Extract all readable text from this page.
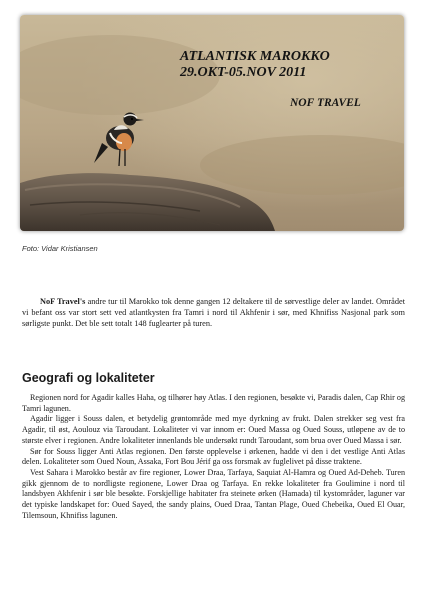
ATLANTISK MAROKKO
29.OKT-05.NOV 2011
NOF TRAVEL
Foto: Vidar Kristiansen

NoF Travel's andre tur til Marokko tok denne gangen 12 deltakere til de sørvestlige deler av landet. Området vi befant oss var stort sett ved atlantkysten fra Tamri i nord til Akhfenir i sør, med Khnifiss Nasjonal park som sørligste punkt. Det ble sett totalt 148 fuglearter på turen.

Geografi og lokaliteter

Regionen nord for Agadir kalles Haha, og tilhører høy Atlas. I den regionen, besøkte vi, Paradis dalen, Cap Rhir og Tamri lagunen.

Agadir ligger i Souss dalen, et betydelig grøntområde med mye dyrkning av frukt. Dalen strekker seg vest fra Agadir, til øst, Aoulouz via Taroudant. Lokaliteter vi var innom er: Oued Massa og Oued Souss, utløpene av de to største elver i regionen. Andre lokaliteter innenlands ble undersøkt rundt Taroudant, som brua over Oued Massa i sør.

Sør for Souss ligger Anti Atlas regionen. Den første opplevelse i ørkenen, hadde vi den i det vestlige Anti Atlas delen. Lokaliteter som Oued Noun, Assaka, Fort Bou Jérif ga oss forsmak av fuglelivet på disse traktene.

Vest Sahara i Marokko består av fire regioner, Lower Draa, Tarfaya, Saquiat Al-Hamra og Oued Ad-Deheb. Turen gikk gjennom de to nordligste regionene, Lower Draa og Tarfaya. En rekke lokaliteter fra Goulimine i nord til landsbyen Akhfenir i sør ble besøkte. Forskjellige habitater fra steinete ørken (Hamada) til kystområder, laguner var det typiske landskapet for: Oued Sayed, the sandy plains, Oued Draa, Tantan Plage, Oued Chebeika, Oued El Ouar, Tilemsoun, Khnifiss lagunen.
